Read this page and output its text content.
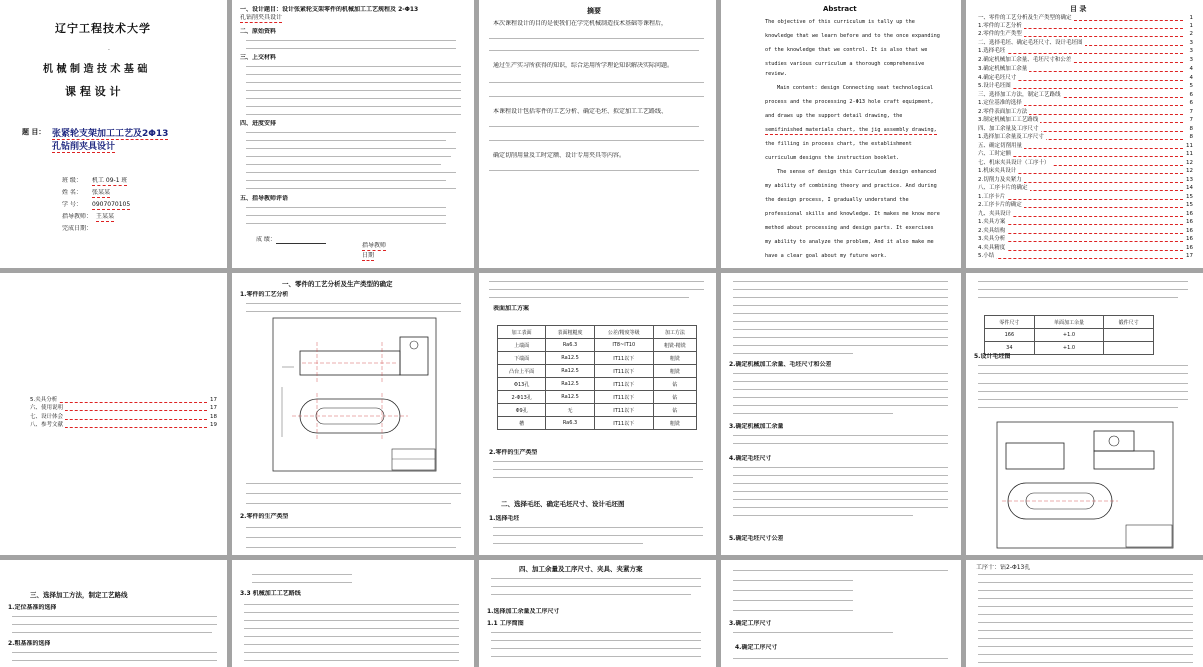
辽宁工程技术大学
.
机 械 制 造 技 术 基 础
课 程 设 计
题 目： 张紧轮支架加工工艺及2Φ13
孔钻削夹具设计
班 级： 机工 09-1 班
姓 名： 张某某
学 号： 0907070105
指导教师： 王某某
完成日期：
一、设计题目：设计张紧轮支架零件的机械加工工艺规程及 2-Φ13
孔钻削夹具设计
二、原始资料
三、上交材料
四、进度安排
五、指导教师评语
成 绩：
指导教师
日期
摘要
本次课程设计的目的是使我们在学完机械制造技术基础等课程后，
通过生产实习所获得的知识，综合运用所学理论知识解决实际问题。
本课程设计包括零件的工艺分析、确定毛坯、拟定加工工艺路线、
确定切削用量及工时定额、设计专用夹具等内容。
Abstract
The objective of this curriculum is tally up the
knowledge that we learn before and to the once expanding
of the knowledge that we control. It is also that we
studies various curriculum a thorough comprehensive
review.
Main content: design Connecting seat technological
process and the processing 2-Φ13 hole craft equipment,
and draws up the support detail drawing, the
semifinished materials chart, the jig assembly drawing,
the filling in process chart, the establishment
curriculum designs the instruction booklet.
The sense of design this Curriculum design enhanced
my ability of combining theory and practice. And during
the design process, I gradually understand the
professional skills and knowledge. It makes me know more
method about processing and design parts. It exercises
my ability to analyze the problem, And it also make me
have a clear goal about my future work.
目 录
一、零件的工艺分析及生产类型的确定	1
1.零件的工艺分析	1
2.零件的生产类型	2
二、选择毛坯、确定毛坯尺寸、设计毛坯图	3
1.选择毛坯	3
2.确定机械加工余量、毛坯尺寸和公差	3
3.确定机械加工余量	4
4.确定毛坯尺寸	4
5.设计毛坯图	5
三、选择加工方法，制定工艺路线	6
1.定位基准的选择	6
2.零件表面加工方法	7
3.制定机械加工工艺路线	7
四、加工余量及工序尺寸	8
1.选择加工余量及工序尺寸	8
五、确定切削用量	11
六、工时定额	11
七、机床夹具设计（工序十）	12
1.机床夹具设计	12
2.切削力及夹紧力	13
八、工序卡片的确定	14
1.工序卡片	15
2.工序卡片的确定	15
九、夹具设计	16
1.夹具方案	16
2.夹具结构	16
3.夹具分析	16
4.夹具精度	16
5.小结	17
5.夹具分析	17
六、使用说明	17
七、设计体会	18
八、参考文献	19
一、零件的工艺分析及生产类型的确定
1.零件的工艺分析
2.零件的生产类型
表面加工方案
加工表面	表面粗糙度	公差/精度等级	加工方法
上端面	Ra6.3	IT8~IT10	粗铣-精铣
下端面	Ra12.5	IT11以下	粗铣
凸台上平面	Ra12.5	IT11以下	粗铣
Φ13孔	Ra12.5	IT11以下	钻
2-Φ13孔	Ra12.5	IT11以下	钻
Φ9孔	无	IT11以下	钻
槽	Ra6.3	IT11以下	粗铣
2.零件的生产类型
二、选择毛坯、确定毛坯尺寸、设计毛坯图
1.选择毛坯
2.确定机械加工余量、毛坯尺寸和公差
3.确定机械加工余量
4.确定毛坯尺寸
5.确定毛坯尺寸公差
零件尺寸	单面加工余量	锻件尺寸
166	+1.0	
34	+1.0	
5.设计毛坯图
三、选择加工方法，制定工艺路线
1.定位基准的选择
2.粗基准的选择
3.3 机械加工工艺路线
四、加工余量及工序尺寸、夹具、夹紧方案
1.选择加工余量及工序尺寸
1.1 工序简图	3.确定工序尺寸
4.确定工序尺寸
工序十：钻2-Φ13孔
